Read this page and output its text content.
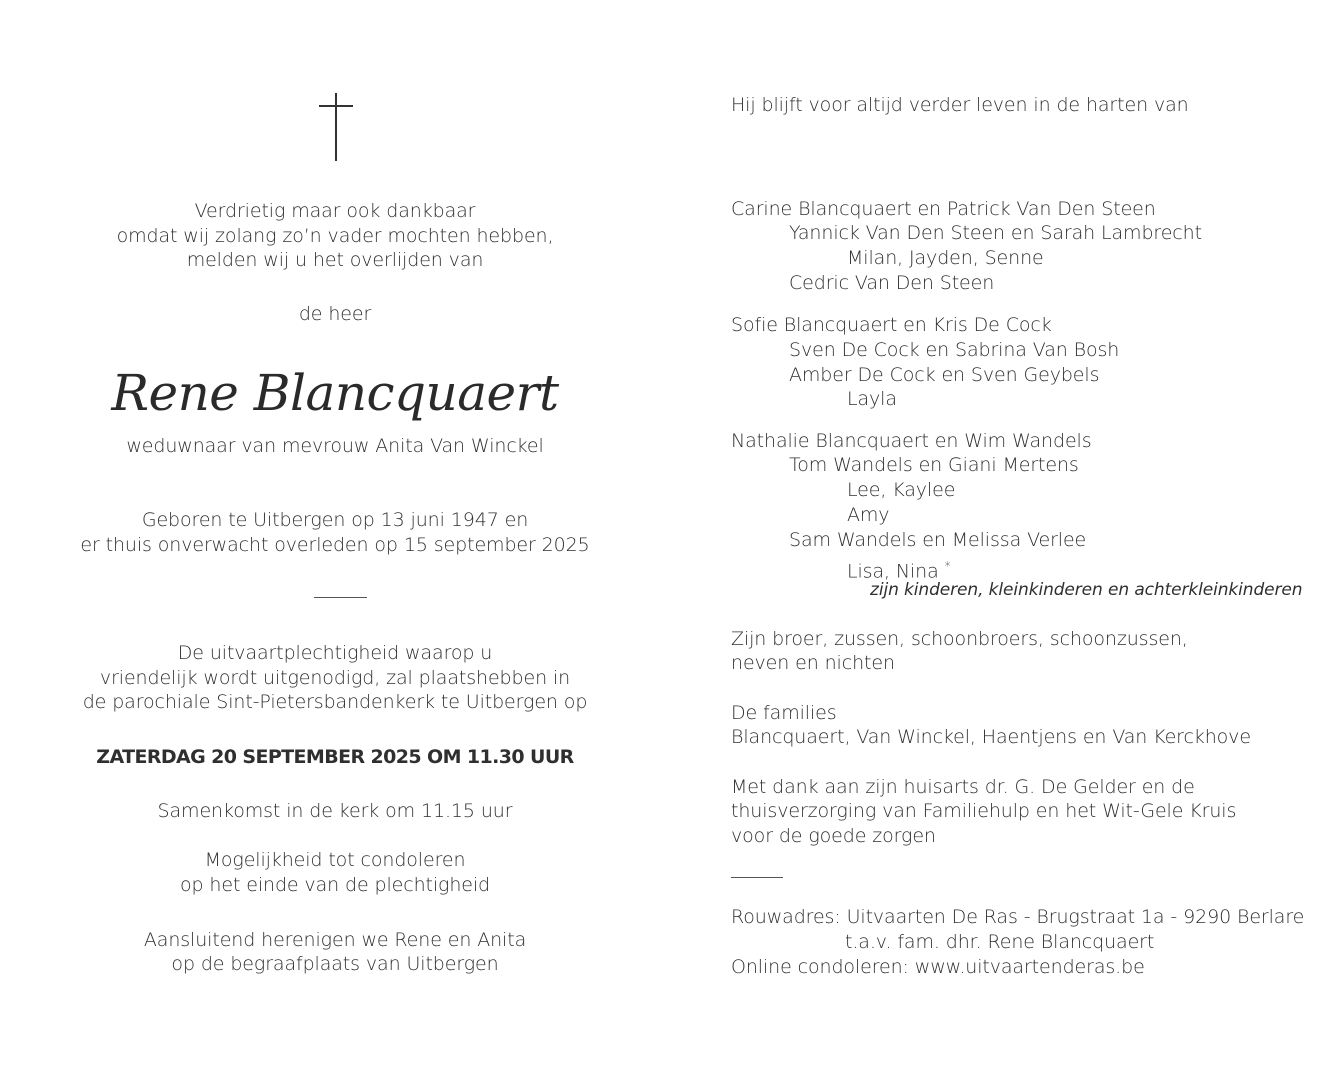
Verdrietig maar ook dankbaar
omdat wij zolang zo’n vader mochten hebben,
melden wij u het overlijden van
de heer
Rene Blancquaert
weduwnaar van mevrouw Anita Van Winckel
Geboren te Uitbergen op 13 juni 1947 en
er thuis onverwacht overleden op 15 september 2025
De uitvaartplechtigheid waarop u
vriendelijk wordt uitgenodigd, zal plaatshebben in
de parochiale Sint-Pietersbandenkerk te Uitbergen op
ZATERDAG 20 SEPTEMBER 2025 OM 11.30 UUR
Samenkomst in de kerk om 11.15 uur
Mogelijkheid tot condoleren
op het einde van de plechtigheid
Aansluitend herenigen we Rene en Anita
op de begraafplaats van Uitbergen
Hij blijft voor altijd verder leven in de harten van
Carine Blancquaert en Patrick Van Den Steen
Yannick Van Den Steen en Sarah Lambrecht
Milan, Jayden, Senne
Cedric Van Den Steen
Sofie Blancquaert en Kris De Cock
Sven De Cock en Sabrina Van Bosh
Amber De Cock en Sven Geybels
Layla
Nathalie Blancquaert en Wim Wandels
Tom Wandels en Giani Mertens
Lee, Kaylee
Amy
Sam Wandels en Melissa Verlee
Lisa, Nina *
zijn kinderen, kleinkinderen en achterkleinkinderen
Zijn broer, zussen, schoonbroers, schoonzussen,
neven en nichten
De families
Blancquaert, Van Winckel, Haentjens en Van Kerckhove
Met dank aan zijn huisarts dr. G. De Gelder en de
thuisverzorging van Familiehulp en het Wit-Gele Kruis
voor de goede zorgen
Rouwadres: Uitvaarten De Ras - Brugstraat 1a - 9290 Berlare
t.a.v. fam. dhr. Rene Blancquaert
Online condoleren: www.uitvaartenderas.be
